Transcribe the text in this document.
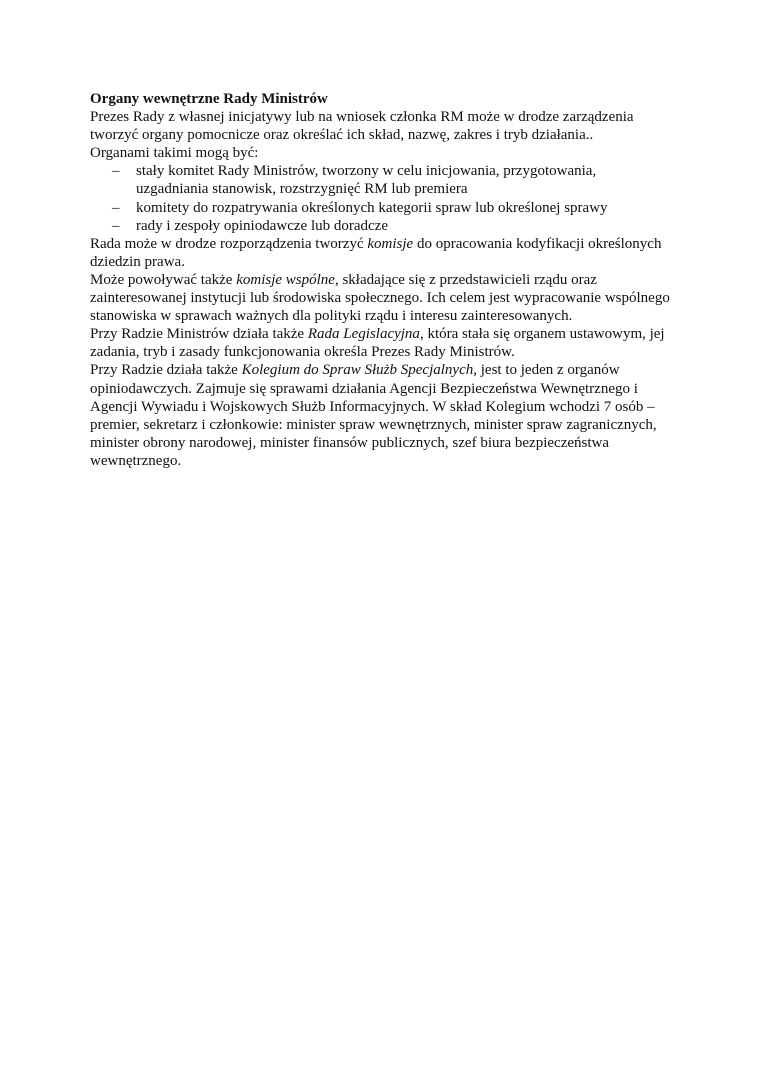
Organy wewnętrzne Rady Ministrów

Prezes Rady z własnej inicjatywy lub na wniosek członka RM może w drodze zarządzenia tworzyć organy pomocnicze oraz określać ich skład, nazwę, zakres i tryb działania..

Organami takimi mogą być:

– stały komitet Rady Ministrów, tworzony w celu inicjowania, przygotowania, uzgadniania stanowisk, rozstrzygnięć RM lub premiera
– komitety do rozpatrywania określonych kategorii spraw lub określonej sprawy
– rady i zespoły opiniodawcze lub doradcze

Rada może w drodze rozporządzenia tworzyć komisje do opracowania kodyfikacji określonych dziedzin prawa.

Może powoływać także komisje wspólne, składające się z przedstawicieli rządu oraz zainteresowanej instytucji lub środowiska społecznego. Ich celem jest wypracowanie wspólnego stanowiska w sprawach ważnych dla polityki rządu i interesu zainteresowanych.

Przy Radzie Ministrów działa także Rada Legislacyjna, która stała się organem ustawowym, jej zadania, tryb i zasady funkcjonowania określa Prezes Rady Ministrów.

Przy Radzie działa także Kolegium do Spraw Służb Specjalnych, jest to jeden z organów opiniodawczych. Zajmuje się sprawami działania Agencji Bezpieczeństwa Wewnętrznego i Agencji Wywiadu i Wojskowych Służb Informacyjnych. W skład Kolegium wchodzi 7 osób – premier, sekretarz i członkowie: minister spraw wewnętrznych, minister spraw zagranicznych, minister obrony narodowej, minister finansów publicznych, szef biura bezpieczeństwa wewnętrznego.
